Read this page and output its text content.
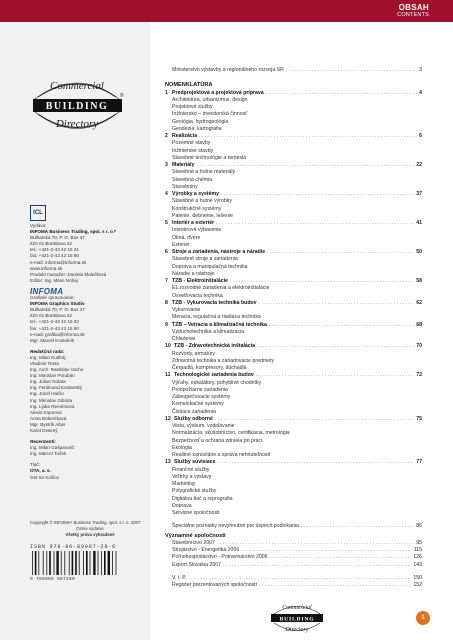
OBSAH
CONTENTS
Commercial
BUILDING
®
Directory
ICL
Vydáva:
INFOMA Business Trading, spol. s r. o.*
Bulharská 70, P. O. Box 47
820 02 Bratislava 22
tel.: +421-2-43 42 15 21
fax: +421-2-43 42 15 60
e-mail: informa@informa.sk
www.informa.sk
Produkt manažér: Daniela Malečková
Editor: Ing. Milan Nohaj
INFOMA
Grafické spracovanie:
INFOMA Graphics Studio
Bulharská 70, P. O. Box 47
820 02 Bratislava 22
tel.: +421-2-43 42 15 32
fax: +421-2-43 42 15 60
e-mail: grafika@informa.sk
Mgr. Marcel Kostelník
Redakčná rada:
Ing. Milan Kudlráj
Vladimír Rosa
Ing. Arch. Rastislav Vacho
Ing. Miroslav Porubán
Ing. Július Golata
Ing. Ferdinand Kostanský
Ing. Jozef Halčin
Ing. Miroslav Gibóda
Ing. Lýdia Reméniová
Alexis Köpnová
Anna Bobeníková
Mgr. Bystrík Altus
Karol Ovsený
Recenzenti:
Ing. Milan Gašparovič
Ing. Marcel Tuček
Tlač:
OTA, a. s.
044 54 Košice
Copyright © INFOMA* Business Trading, spol. s r. o. 2007
Osme vydanie
Všetky práva vyhradené
ISBN 978-80-89087-28-0
9 788089 087280
Ministerstvo výstavby a regionálneho rozvoja SR . . .	3
NOMENKLATÚRA
1 Predprojektová a projektová príprava . . .	4
Architektúra, urbanizmus, design
Projektové služby
Inžiniersko – investorská činnosť
Geológia, hydrogeológia
Geodézia, kartografia
2 Realizácia . . .	6
Pozemné stavby
Inžinierske stavby
Stavebné technológie a remeslá
3 Materiály . . .	22
Stavebné a hutné materiály
Stavebná chémia
Stavebniny
4 Výrobky a systémy . . .	37
Stavebné a hutné výrobky
Konštrukčné systémy
Palenie, debnenie, lešenie
5 Interiér a exteriér . . .	41
Interiérové vybavenie
Okná, dvere
Exteriér
6 Stroje a zariadenia, nástroje a náradie . . .	50
Stavebné stroje a zariadenia
Doprava a manipulačná technika
Náradie a nástroje
7 TZB - Elektroinštalácie . . .	58
EL.rozvodné zariadenia a elektroinštalácie
Osvetľovacia technika
8 TZB - Vykurovacia technika budov . . .	62
Vykurovanie
Meracia, regulačná a riadiaca technika
9 TZB – Vetracia a klimatizačná technika . . .	68
Vzduchotechnika a klimatizácia
Chladenie
10 TZB - Zdravotechnická inštalácia . . .	70
Rozvody, armatúry
Zdravotná technika a zariadovacie predmety
Čerpadlá, kompresory, dúchadlá
11 Technologické zariadenia budov . . .	72
Výťahy, eskalátory, pohyblivé chodníky
Protipožiarne zariadenia
Zabezpečovacie systémy
Komunikačné systémy
Čistiace zariadenia
12 Služby odborné . . .	75
Veda, výskum, vzdelávanie
Normalizácia, skúšobníctvo, certifikácia, metrológia
Bezpečnosť a ochrana zdravia pri práci
Ekológia
Realitné kancelárie a správa nehnuteľností
13 Služby súvisiace . . .	77
Finančné služby
Veľtrhy a výstavy
Marketing
Polygrafické služby
Digitálna tlač a reprografia
Doprava
Servisné spoločnosti
Špeciálne poznatky nevyhnutné pre úspech podnikania . . .	86
Významné spoločnosti
Stavebníctvo 2007 . . .	95
Strojárstvo - Energetika 2006 . . .	115
Poľnohospodárstvo - Potravinárstvo 2006 . . .	126
Export Slovakia 2007 . . .	143
V. I. P. . . .	150
Register prezentovaných spoločností . . .	152
Commercial
BUILDING
Directory
1
